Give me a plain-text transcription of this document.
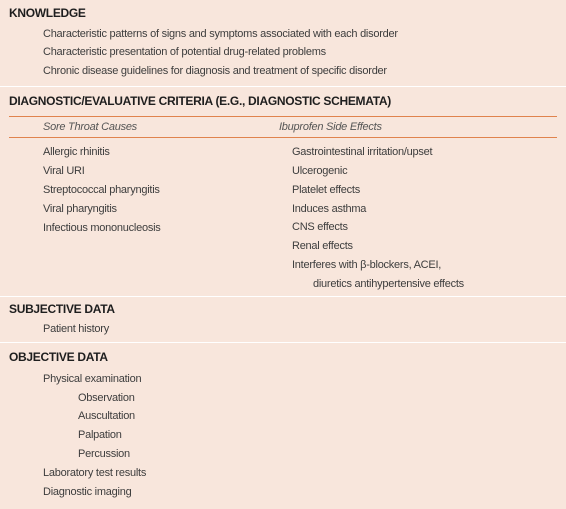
KNOWLEDGE
Characteristic patterns of signs and symptoms associated with each disorder
Characteristic presentation of potential drug-related problems
Chronic disease guidelines for diagnosis and treatment of specific disorder
DIAGNOSTIC/EVALUATIVE CRITERIA (E.G., DIAGNOSTIC SCHEMATA)
Sore Throat Causes	Ibuprofen Side Effects
Allergic rhinitis
Viral URI
Streptococcal pharyngitis
Viral pharyngitis
Infectious mononucleosis
Gastrointestinal irritation/upset
Ulcerogenic
Platelet effects
Induces asthma
CNS effects
Renal effects
Interferes with β-blockers, ACEI,
diuretics antihypertensive effects
SUBJECTIVE DATA
Patient history
OBJECTIVE DATA
Physical examination
Observation
Auscultation
Palpation
Percussion
Laboratory test results
Diagnostic imaging
